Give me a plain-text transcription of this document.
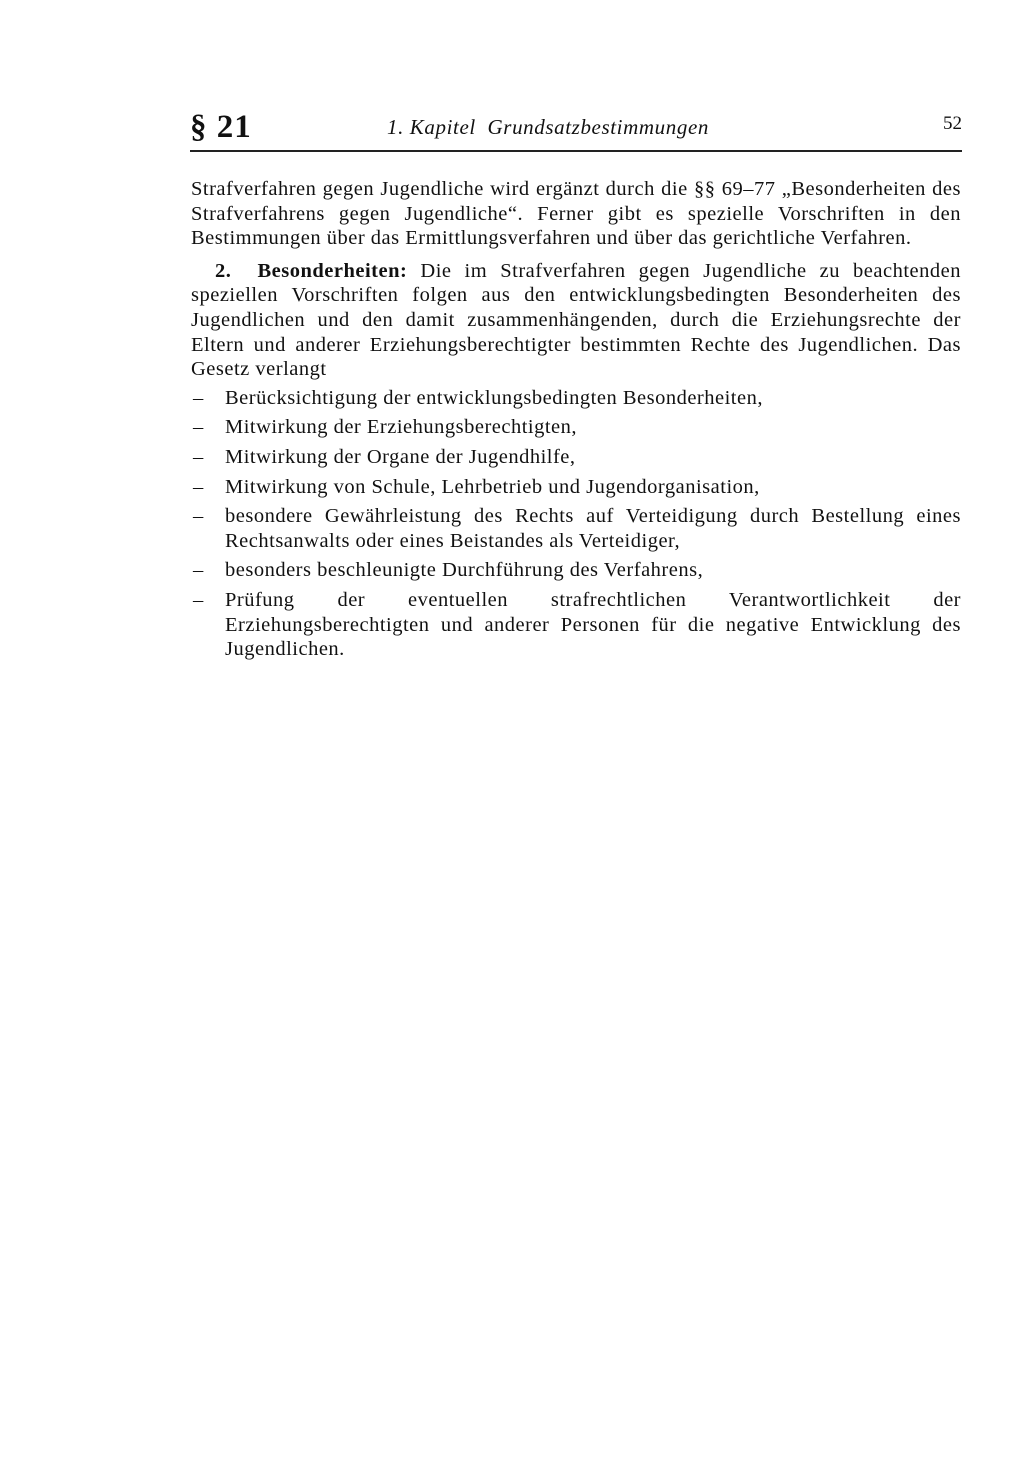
§ 21	1. Kapitel  Grundsatzbestimmungen	52

Strafverfahren gegen Jugendliche wird ergänzt durch die §§ 69–77 „Besonderheiten des Strafverfahrens gegen Jugendliche“. Ferner gibt es spezielle Vorschriften in den Bestimmungen über das Ermittlungsverfahren und über das gerichtliche Verfahren.

2. Besonderheiten: Die im Strafverfahren gegen Jugendliche zu beachtenden speziellen Vorschriften folgen aus den entwicklungsbedingten Besonderheiten des Jugendlichen und den damit zusammenhängenden, durch die Erziehungsrechte der Eltern und anderer Erziehungsberechtigter bestimmten Rechte des Jugendlichen. Das Gesetz verlangt

– Berücksichtigung der entwicklungsbedingten Besonderheiten,
– Mitwirkung der Erziehungsberechtigten,
– Mitwirkung der Organe der Jugendhilfe,
– Mitwirkung von Schule, Lehrbetrieb und Jugendorganisation,
– besondere Gewährleistung des Rechts auf Verteidigung durch Bestellung eines Rechtsanwalts oder eines Beistandes als Verteidiger,
– besonders beschleunigte Durchführung des Verfahrens,
– Prüfung der eventuellen strafrechtlichen Verantwortlichkeit der Erziehungsberechtigten und anderer Personen für die negative Entwicklung des Jugendlichen.
